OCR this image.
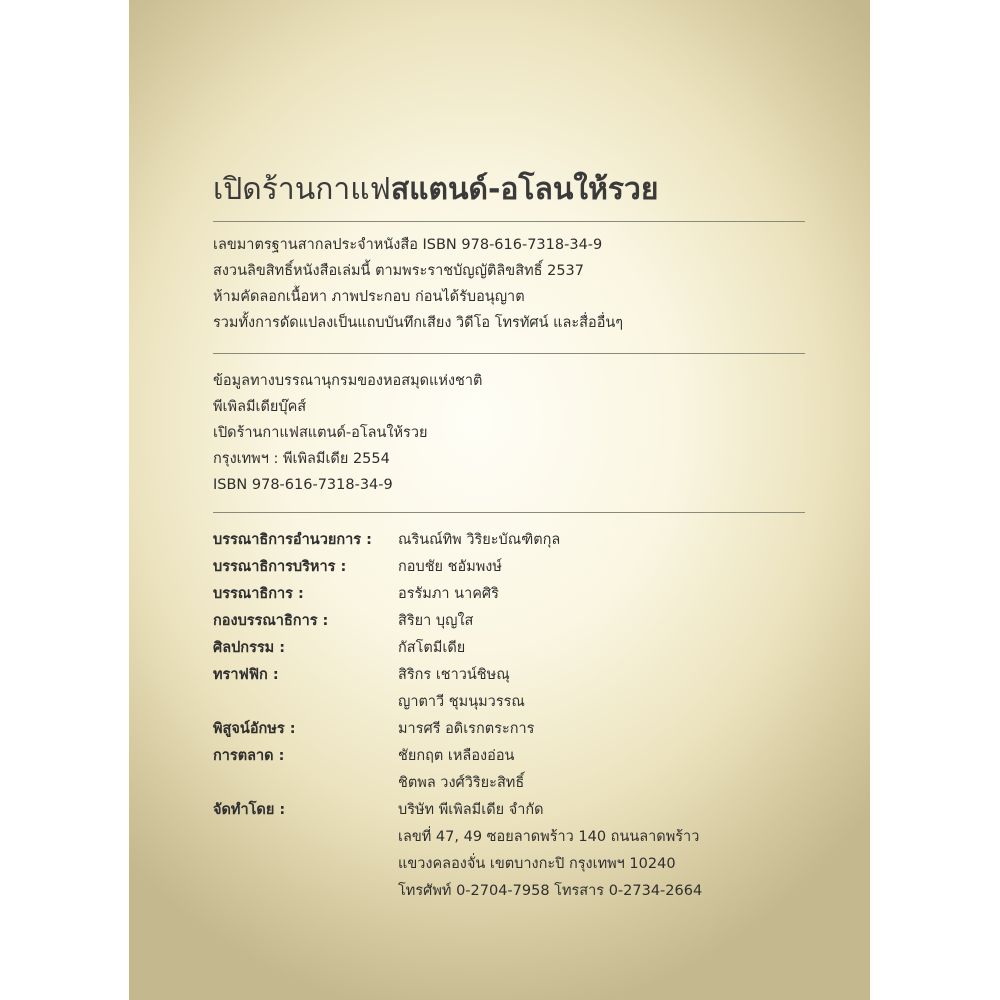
เปิดร้านกาแฟสแตนด์-อโลนให้รวย
เลขมาตรฐานสากลประจำหนังสือ ISBN 978-616-7318-34-9
สงวนลิขสิทธิ์หนังสือเล่มนี้ ตามพระราชบัญญัติลิขสิทธิ์ 2537
ห้ามคัดลอกเนื้อหา ภาพประกอบ ก่อนได้รับอนุญาต
รวมทั้งการดัดแปลงเป็นแถบบันทึกเสียง วิดีโอ โทรทัศน์ และสื่ออื่นๆ
ข้อมูลทางบรรณานุกรมของหอสมุดแห่งชาติ
พีเพิลมีเดียบุ๊คส์
เปิดร้านกาแฟสแตนด์-อโลนให้รวย
กรุงเทพฯ : พีเพิลมีเดีย 2554
ISBN 978-616-7318-34-9
บรรณาธิการอำนวยการ :	ณรินณ์ทิพ วิริยะบัณฑิตกุล
บรรณาธิการบริหาร :	กอบชัย ชอัมพงษ์
บรรณาธิการ :	อรรัมภา นาคศิริ
กองบรรณาธิการ :	สิริยา บุญใส
ศิลปกรรม :	กัสโตมีเดีย
ทราฟฟิก :	สิริกร เชาวน์ชิษณุ
ญาตาวี ชุมนุมวรรณ
พิสูจน์อักษร :	มารศรี อดิเรกตระการ
การตลาด :	ชัยกฤต เหลืองอ่อน
ชิตพล วงศ์วิริยะสิทธิ์
จัดทำโดย :	บริษัท พีเพิลมีเดีย จำกัด
เลขที่ 47, 49 ซอยลาดพร้าว 140 ถนนลาดพร้าว
แขวงคลองจั่น เขตบางกะปิ กรุงเทพฯ 10240
โทรศัพท์ 0-2704-7958 โทรสาร 0-2734-2664
